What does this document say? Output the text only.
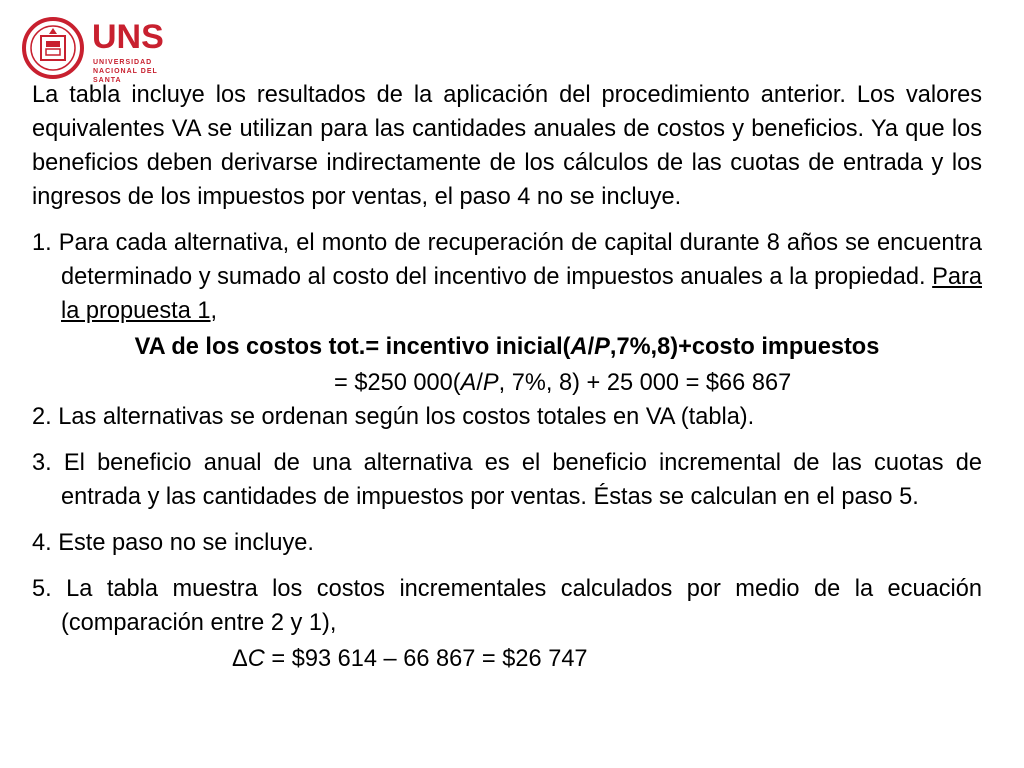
UNS
UNIVERSIDAD
NACIONAL DEL SANTA

La tabla incluye los resultados de la aplicación del procedimiento anterior. Los valores equivalentes VA se utilizan para las cantidades anuales de costos y beneficios. Ya que los beneficios deben derivarse indirectamente de los cálculos de las cuotas de entrada y los ingresos de los impuestos por ventas, el paso 4 no se incluye.

1. Para cada alternativa, el monto de recuperación de capital durante 8 años se encuentra determinado y sumado al costo del incentivo de impuestos anuales a la propiedad. Para la propuesta 1,

VA de los costos tot.= incentivo inicial(A/P,7%,8)+costo impuestos

= $250 000(A/P, 7%, 8) + 25 000 = $66 867

2. Las alternativas se ordenan según los costos totales en VA (tabla).

3. El beneficio anual de una alternativa es el beneficio incremental de las cuotas de entrada y las cantidades de impuestos por ventas. Éstas se calculan en el paso 5.

4. Este paso no se incluye.

5. La tabla muestra los costos incrementales calculados por medio de la ecuación (comparación entre 2 y 1),

ΔC = $93 614 – 66 867 = $26 747
